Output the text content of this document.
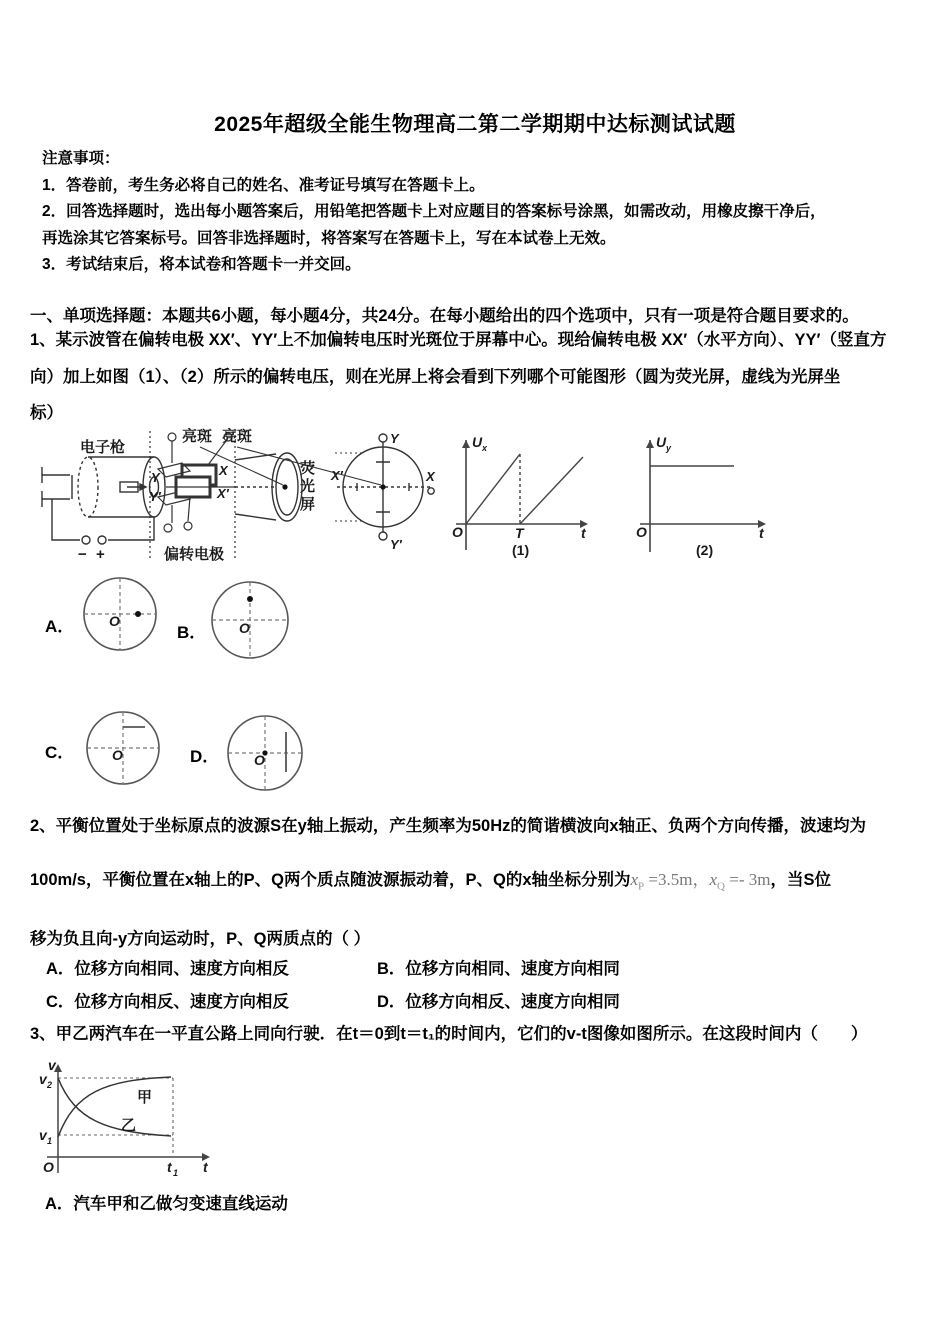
2025年超级全能生物理高二第二学期期中达标测试试题
注意事项：
1．答卷前，考生务必将自己的姓名、准考证号填写在答题卡上。
2．回答选择题时，选出每小题答案后，用铅笔把答题卡上对应题目的答案标号涂黑，如需改动，用橡皮擦干净后，
再选涂其它答案标号。回答非选择题时，将答案写在答题卡上，写在本试卷上无效。
3．考试结束后，将本试卷和答题卡一并交回。
一、单项选择题：本题共6小题，每小题4分，共24分。在每小题给出的四个选项中，只有一项是符合题目要求的。
1、某示波管在偏转电极 XX′、YY′上不加偏转电压时光斑位于屏幕中心。现给偏转电极 XX′（水平方向）、YY′（竖直方
向）加上如图（1）、（2）所示的偏转电压，则在光屏上将会看到下列哪个可能图形（圆为荧光屏，虚线为光屏坐
标）
电子枪
− +
Y
Y′
X
X′
偏转电极
亮斑 亮斑
荧
光
屏
Y
Y′
X
X′
U x
O	T	t
(1)
U y
O	t
(2)
A． O
B． O
C．	O	D． O
2、平衡位置处于坐标原点的波源S在y轴上振动，产生频率为50Hz的简谐横波向x轴正、负两个方向传播，波速均为
100m/s，平衡位置在x轴上的P、Q两个质点随波源振动着，P、Q的x轴坐标分别为$x_P =3.5m$，$x_Q =- 3m$，当S位
移为负且向-y方向运动时，P、Q两质点的（ ）
A．位移方向相同、速度方向相反	B．位移方向相同、速度方向相同
C．位移方向相反、速度方向相反	D．位移方向相反、速度方向相同
3、甲乙两汽车在一平直公路上同向行驶．在t＝0到t＝t₁的时间内，它们的v-t图像如图所示。在这段时间内（　　）
v
v 2
v 1
O	t 1 t
甲
乙
A．汽车甲和乙做匀变速直线运动
